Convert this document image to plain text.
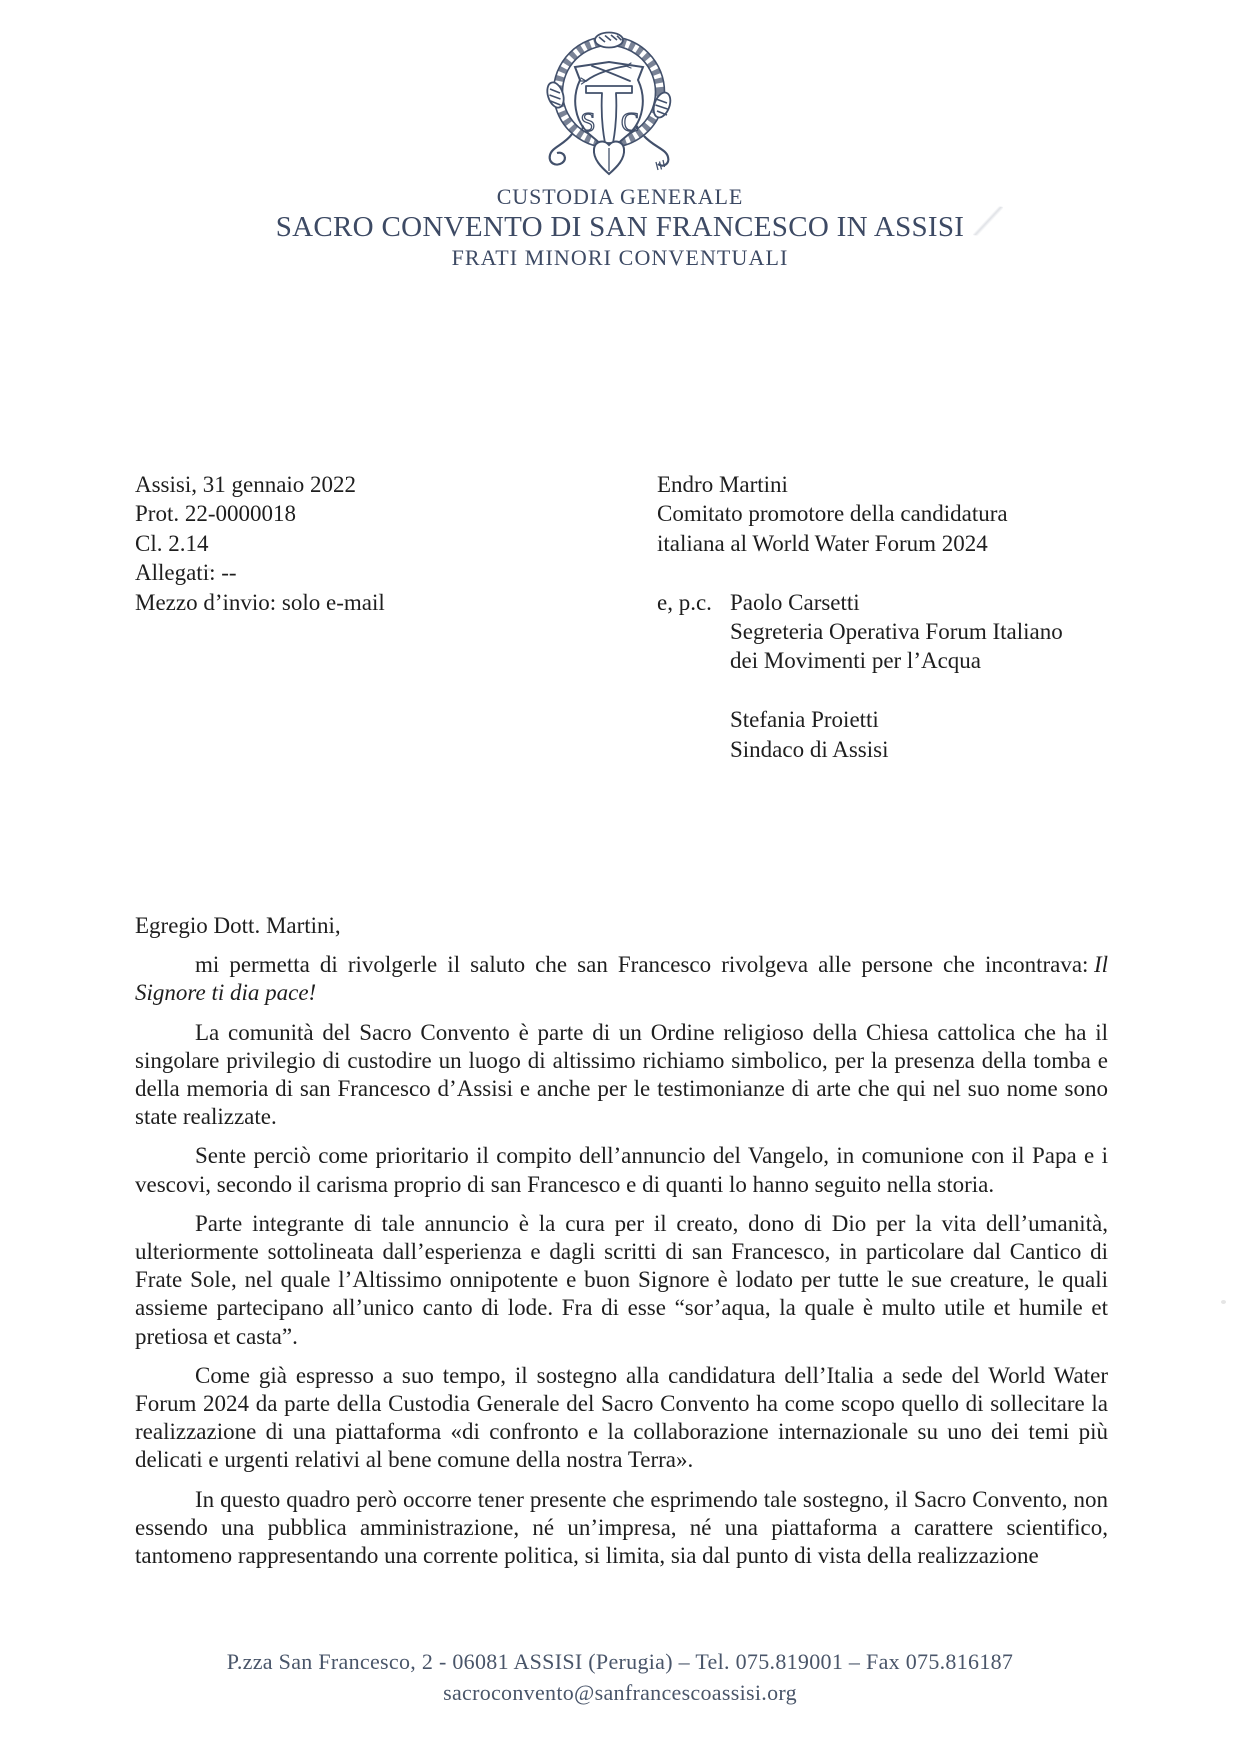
S C
CUSTODIA GENERALE
SACRO CONVENTO DI SAN FRANCESCO IN ASSISI
FRATI MINORI CONVENTUALI
Assisi, 31 gennaio 2022
Prot. 22-0000018
Cl. 2.14
Allegati: --
Mezzo d’invio: solo e-mail
Endro Martini
Comitato promotore della candidatura
italiana al World Water Forum 2024
e, p.c. Paolo Carsetti
Segreteria Operativa Forum Italiano
dei Movimenti per l’Acqua
Stefania Proietti
Sindaco di Assisi

Egregio Dott. Martini,

mi permetta di rivolgerle il saluto che san Francesco rivolgeva alle persone che incontrava: Il Signore ti dia pace!

La comunità del Sacro Convento è parte di un Ordine religioso della Chiesa cattolica che ha il singolare privilegio di custodire un luogo di altissimo richiamo simbolico, per la presenza della tomba e della memoria di san Francesco d’Assisi e anche per le testimonianze di arte che qui nel suo nome sono state realizzate.

Sente perciò come prioritario il compito dell’annuncio del Vangelo, in comunione con il Papa e i vescovi, secondo il carisma proprio di san Francesco e di quanti lo hanno seguito nella storia.

Parte integrante di tale annuncio è la cura per il creato, dono di Dio per la vita dell’umanità, ulteriormente sottolineata dall’esperienza e dagli scritti di san Francesco, in particolare dal Cantico di Frate Sole, nel quale l’Altissimo onnipotente e buon Signore è lodato per tutte le sue creature, le quali assieme partecipano all’unico canto di lode. Fra di esse “sor’aqua, la quale è multo utile et humile et pretiosa et casta”.

Come già espresso a suo tempo, il sostegno alla candidatura dell’Italia a sede del World Water Forum 2024 da parte della Custodia Generale del Sacro Convento ha come scopo quello di sollecitare la realizzazione di una piattaforma «di confronto e la collaborazione internazionale su uno dei temi più delicati e urgenti relativi al bene comune della nostra Terra».

In questo quadro però occorre tener presente che esprimendo tale sostegno, il Sacro Convento, non essendo una pubblica amministrazione, né un’impresa, né una piattaforma a carattere scientifico, tantomeno rappresentando una corrente politica, si limita, sia dal punto di vista della realizzazione

P.zza San Francesco, 2 - 06081 ASSISI (Perugia) – Tel. 075.819001 – Fax 075.816187
sacroconvento@sanfrancescoassisi.org
